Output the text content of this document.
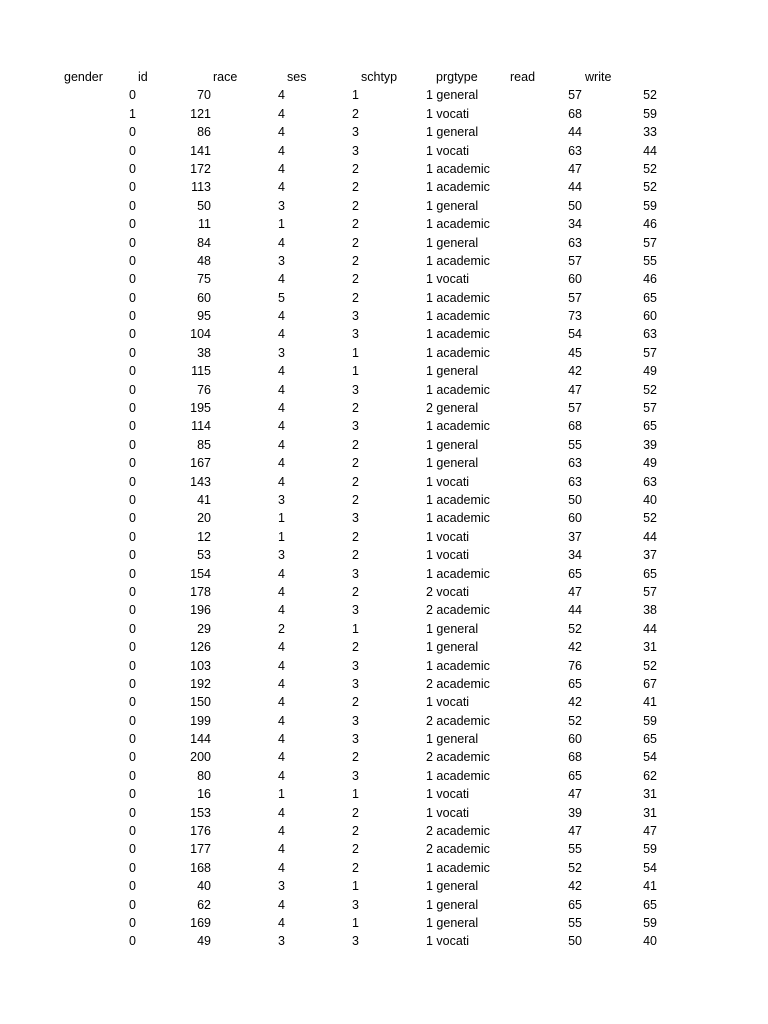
gender	id	race	ses	schtyp	prgtype	read	write
0	70	4	1	1 general	57	52
1	121	4	2	1 vocati	68	59
0	86	4	3	1 general	44	33
0	141	4	3	1 vocati	63	44
0	172	4	2	1 academic	47	52
0	113	4	2	1 academic	44	52
0	50	3	2	1 general	50	59
0	11	1	2	1 academic	34	46
0	84	4	2	1 general	63	57
0	48	3	2	1 academic	57	55
0	75	4	2	1 vocati	60	46
0	60	5	2	1 academic	57	65
0	95	4	3	1 academic	73	60
0	104	4	3	1 academic	54	63
0	38	3	1	1 academic	45	57
0	115	4	1	1 general	42	49
0	76	4	3	1 academic	47	52
0	195	4	2	2 general	57	57
0	114	4	3	1 academic	68	65
0	85	4	2	1 general	55	39
0	167	4	2	1 general	63	49
0	143	4	2	1 vocati	63	63
0	41	3	2	1 academic	50	40
0	20	1	3	1 academic	60	52
0	12	1	2	1 vocati	37	44
0	53	3	2	1 vocati	34	37
0	154	4	3	1 academic	65	65
0	178	4	2	2 vocati	47	57
0	196	4	3	2 academic	44	38
0	29	2	1	1 general	52	44
0	126	4	2	1 general	42	31
0	103	4	3	1 academic	76	52
0	192	4	3	2 academic	65	67
0	150	4	2	1 vocati	42	41
0	199	4	3	2 academic	52	59
0	144	4	3	1 general	60	65
0	200	4	2	2 academic	68	54
0	80	4	3	1 academic	65	62
0	16	1	1	1 vocati	47	31
0	153	4	2	1 vocati	39	31
0	176	4	2	2 academic	47	47
0	177	4	2	2 academic	55	59
0	168	4	2	1 academic	52	54
0	40	3	1	1 general	42	41
0	62	4	3	1 general	65	65
0	169	4	1	1 general	55	59
0	49	3	3	1 vocati	50	40
